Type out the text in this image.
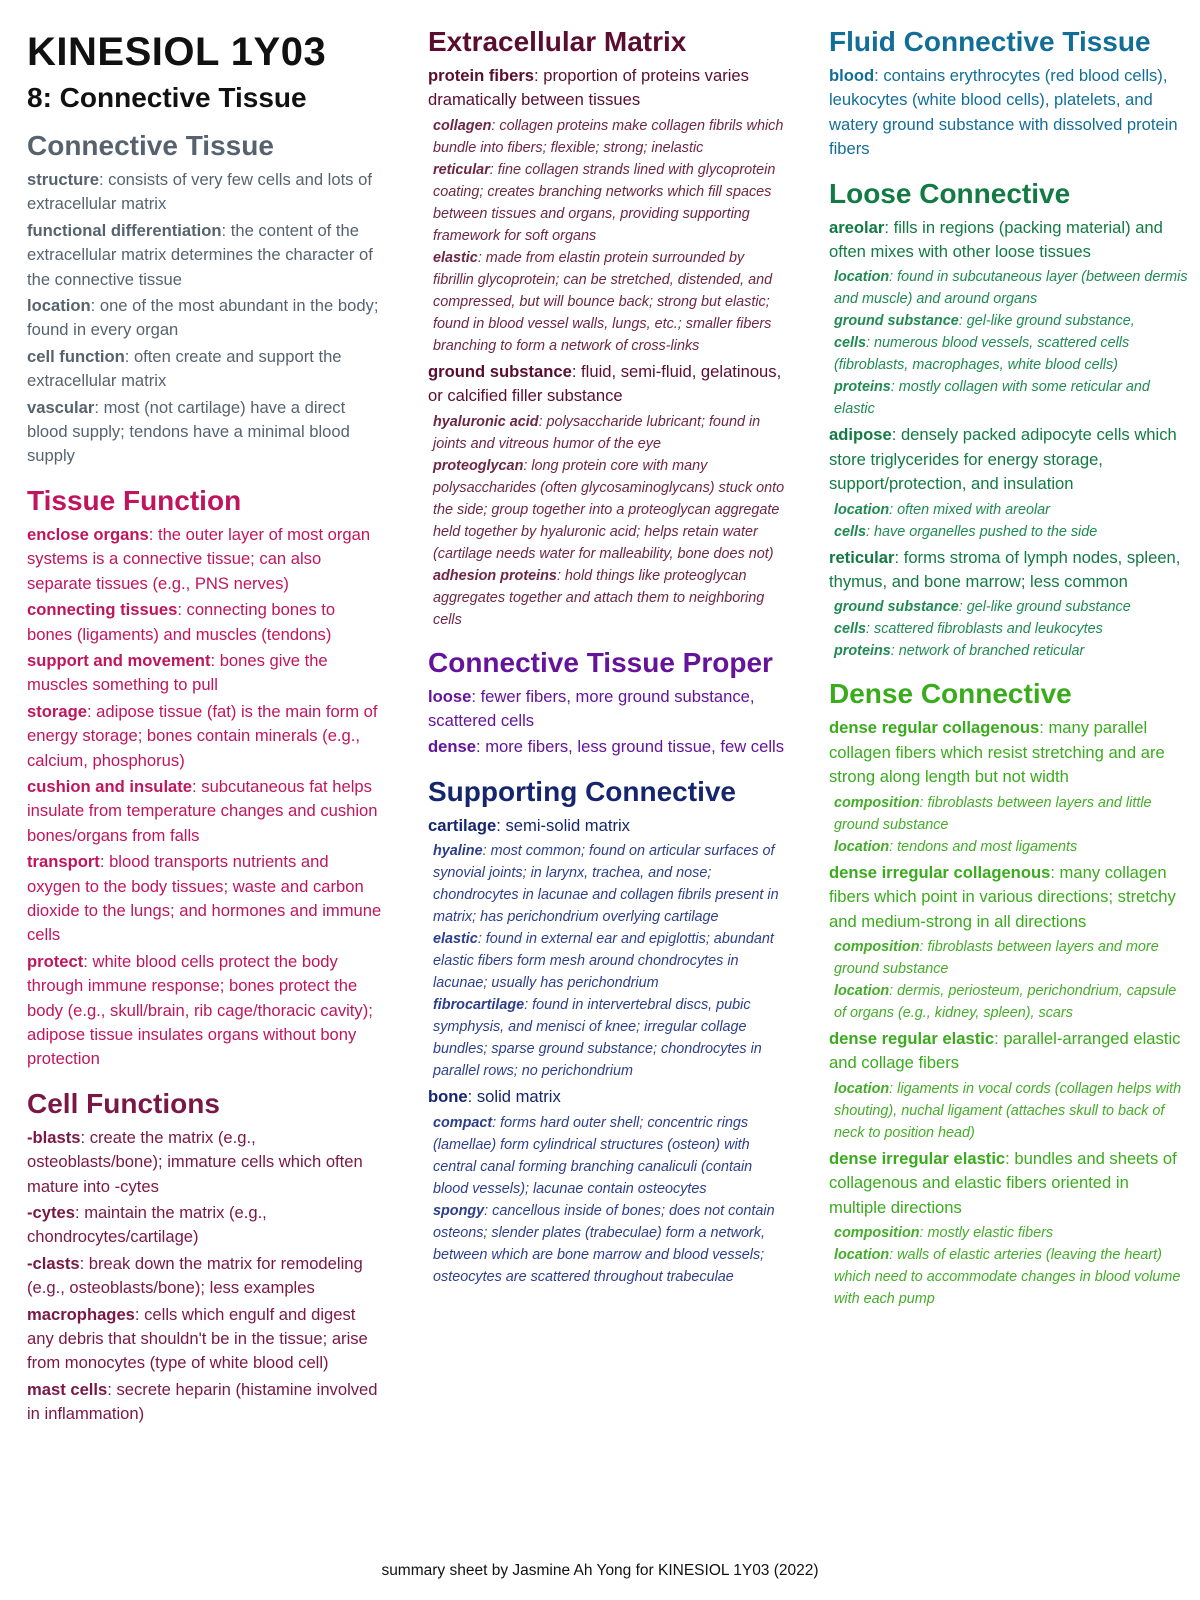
KINESIOL 1Y03
8: Connective Tissue
Connective Tissue
structure: consists of very few cells and lots of extracellular matrix
functional differentiation: the content of the extracellular matrix determines the character of the connective tissue
location: one of the most abundant in the body; found in every organ
cell function: often create and support the extracellular matrix
vascular: most (not cartilage) have a direct blood supply; tendons have a minimal blood supply
Tissue Function
enclose organs: the outer layer of most organ systems is a connective tissue; can also separate tissues (e.g., PNS nerves)
connecting tissues: connecting bones to bones (ligaments) and muscles (tendons)
support and movement: bones give the muscles something to pull
storage: adipose tissue (fat) is the main form of energy storage; bones contain minerals (e.g., calcium, phosphorus)
cushion and insulate: subcutaneous fat helps insulate from temperature changes and cushion bones/organs from falls
transport: blood transports nutrients and oxygen to the body tissues; waste and carbon dioxide to the lungs; and hormones and immune cells
protect: white blood cells protect the body through immune response; bones protect the body (e.g., skull/brain, rib cage/thoracic cavity); adipose tissue insulates organs without bony protection
Cell Functions
-blasts: create the matrix (e.g., osteoblasts/bone); immature cells which often mature into -cytes
-cytes: maintain the matrix (e.g., chondrocytes/cartilage)
-clasts: break down the matrix for remodeling (e.g., osteoblasts/bone); less examples
macrophages: cells which engulf and digest any debris that shouldn't be in the tissue; arise from monocytes (type of white blood cell)
mast cells: secrete heparin (histamine involved in inflammation)
Extracellular Matrix
protein fibers: proportion of proteins varies dramatically between tissues
collagen: collagen proteins make collagen fibrils which bundle into fibers; flexible; strong; inelastic
reticular: fine collagen strands lined with glycoprotein coating; creates branching networks which fill spaces between tissues and organs, providing supporting framework for soft organs
elastic: made from elastin protein surrounded by fibrillin glycoprotein; can be stretched, distended, and compressed, but will bounce back; strong but elastic; found in blood vessel walls, lungs, etc.; smaller fibers branching to form a network of cross-links
ground substance: fluid, semi-fluid, gelatinous, or calcified filler substance
hyaluronic acid: polysaccharide lubricant; found in joints and vitreous humor of the eye
proteoglycan: long protein core with many polysaccharides (often glycosaminoglycans) stuck onto the side; group together into a proteoglycan aggregate held together by hyaluronic acid; helps retain water (cartilage needs water for malleability, bone does not)
adhesion proteins: hold things like proteoglycan aggregates together and attach them to neighboring cells
Connective Tissue Proper
loose: fewer fibers, more ground substance, scattered cells
dense: more fibers, less ground tissue, few cells
Supporting Connective
cartilage: semi-solid matrix
hyaline: most common; found on articular surfaces of synovial joints; in larynx, trachea, and nose; chondrocytes in lacunae and collagen fibrils present in matrix; has perichondrium overlying cartilage
elastic: found in external ear and epiglottis; abundant elastic fibers form mesh around chondrocytes in lacunae; usually has perichondrium
fibrocartilage: found in intervertebral discs, pubic symphysis, and menisci of knee; irregular collage bundles; sparse ground substance; chondrocytes in parallel rows; no perichondrium
bone: solid matrix
compact: forms hard outer shell; concentric rings (lamellae) form cylindrical structures (osteon) with central canal forming branching canaliculi (contain blood vessels); lacunae contain osteocytes
spongy: cancellous inside of bones; does not contain osteons; slender plates (trabeculae) form a network, between which are bone marrow and blood vessels; osteocytes are scattered throughout trabeculae
Fluid Connective Tissue
blood: contains erythrocytes (red blood cells), leukocytes (white blood cells), platelets, and watery ground substance with dissolved protein fibers
Loose Connective
areolar: fills in regions (packing material) and often mixes with other loose tissues
location: found in subcutaneous layer (between dermis and muscle) and around organs
ground substance: gel-like ground substance,
cells: numerous blood vessels, scattered cells (fibroblasts, macrophages, white blood cells)
proteins: mostly collagen with some reticular and elastic
adipose: densely packed adipocyte cells which store triglycerides for energy storage, support/protection, and insulation
location: often mixed with areolar
cells: have organelles pushed to the side
reticular: forms stroma of lymph nodes, spleen, thymus, and bone marrow; less common
ground substance: gel-like ground substance
cells: scattered fibroblasts and leukocytes
proteins: network of branched reticular
Dense Connective
dense regular collagenous: many parallel collagen fibers which resist stretching and are strong along length but not width
composition: fibroblasts between layers and little ground substance
location: tendons and most ligaments
dense irregular collagenous: many collagen fibers which point in various directions; stretchy and medium-strong in all directions
composition: fibroblasts between layers and more ground substance
location: dermis, periosteum, perichondrium, capsule of organs (e.g., kidney, spleen), scars
dense regular elastic: parallel-arranged elastic and collage fibers
location: ligaments in vocal cords (collagen helps with shouting), nuchal ligament (attaches skull to back of neck to position head)
dense irregular elastic: bundles and sheets of collagenous and elastic fibers oriented in multiple directions
composition: mostly elastic fibers
location: walls of elastic arteries (leaving the heart) which need to accommodate changes in blood volume with each pump
summary sheet by Jasmine Ah Yong for KINESIOL 1Y03 (2022)
